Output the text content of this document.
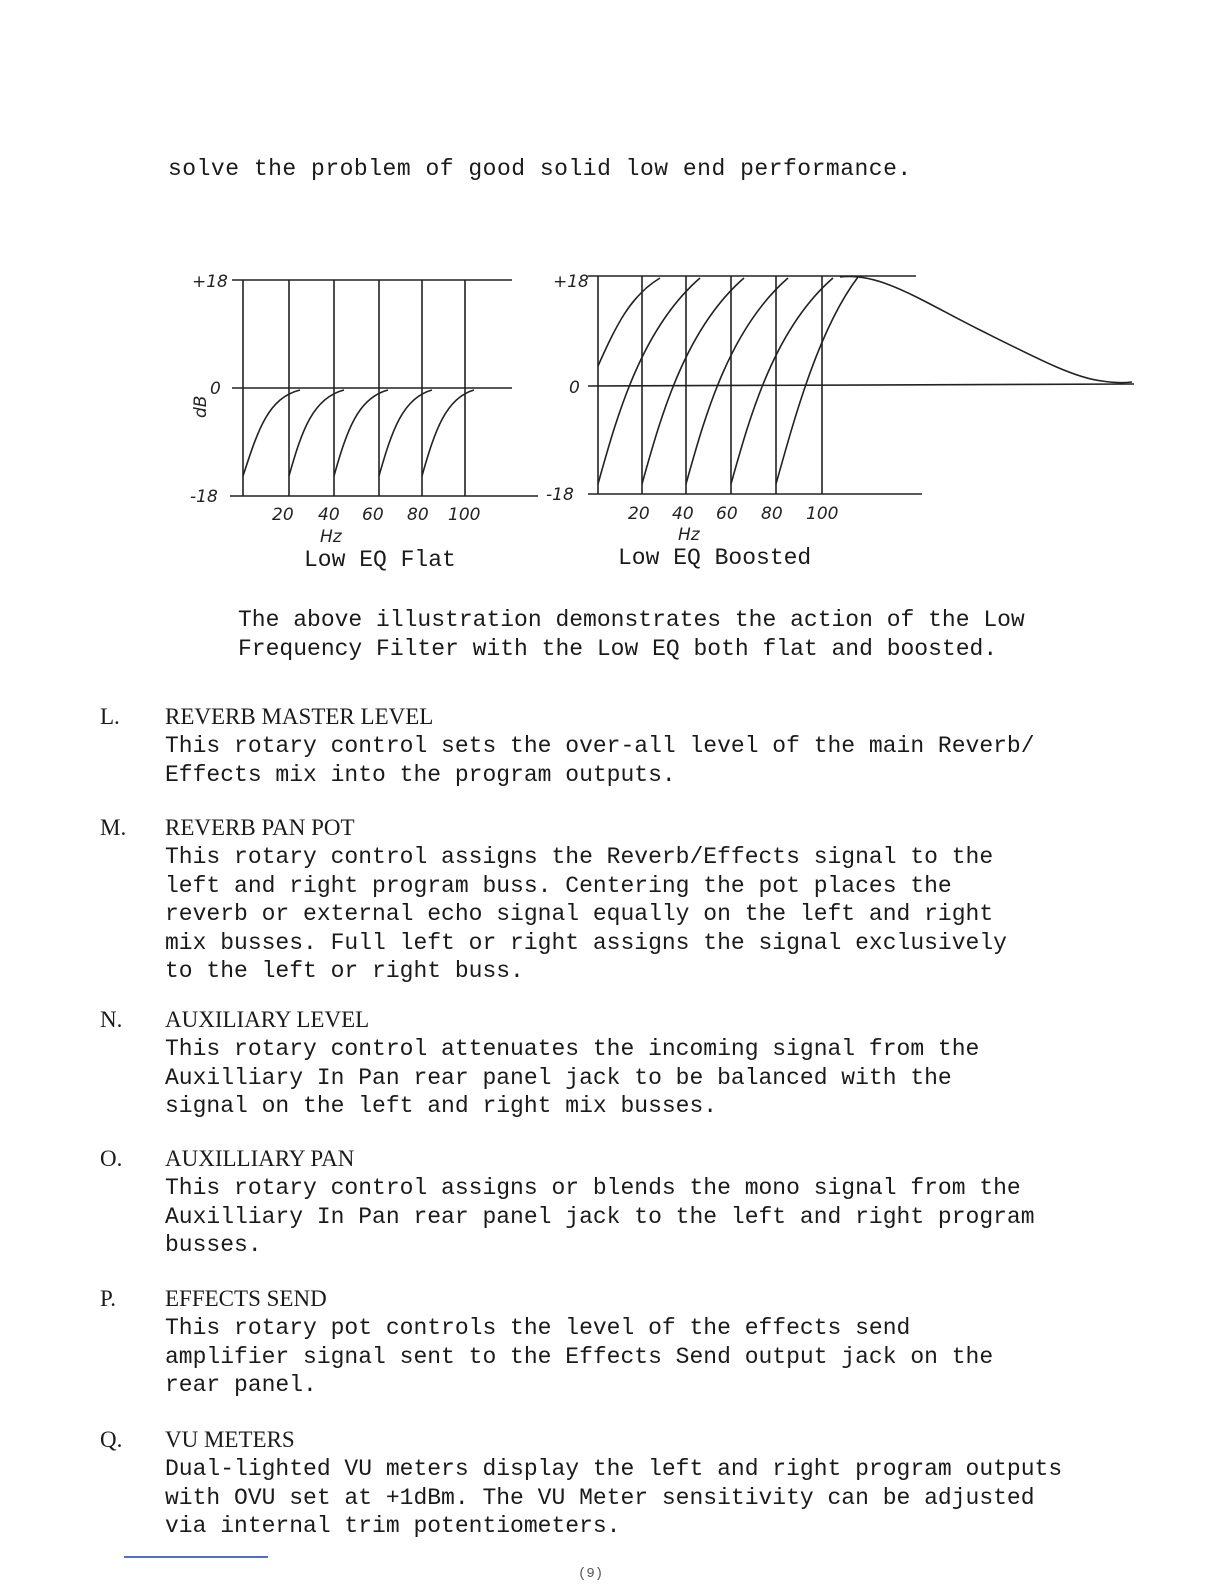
solve the problem of good solid low end performance.
+18
0
-18
dB
20 40 60 80 100
Hz
+18
0
-18
20 40 60 80 100
Hz
Low EQ Flat	Low EQ Boosted
The above illustration demonstrates the action of the Low
Frequency Filter with the Low EQ both flat and boosted.
L. REVERB MASTER LEVEL
This rotary control sets the over-all level of the main Reverb/
Effects mix into the program outputs.
M. REVERB PAN POT
This rotary control assigns the Reverb/Effects signal to the
left and right program buss. Centering the pot places the
reverb or external echo signal equally on the left and right
mix busses. Full left or right assigns the signal exclusively
to the left or right buss.
N. AUXILIARY LEVEL
This rotary control attenuates the incoming signal from the
Auxilliary In Pan rear panel jack to be balanced with the
signal on the left and right mix busses.
O. AUXILLIARY PAN
This rotary control assigns or blends the mono signal from the
Auxilliary In Pan rear panel jack to the left and right program
busses.
P. EFFECTS SEND
This rotary pot controls the level of the effects send
amplifier signal sent to the Effects Send output jack on the
rear panel.
Q. VU METERS
Dual-lighted VU meters display the left and right program outputs
with OVU set at +1dBm. The VU Meter sensitivity can be adjusted
via internal trim potentiometers.
(9)
